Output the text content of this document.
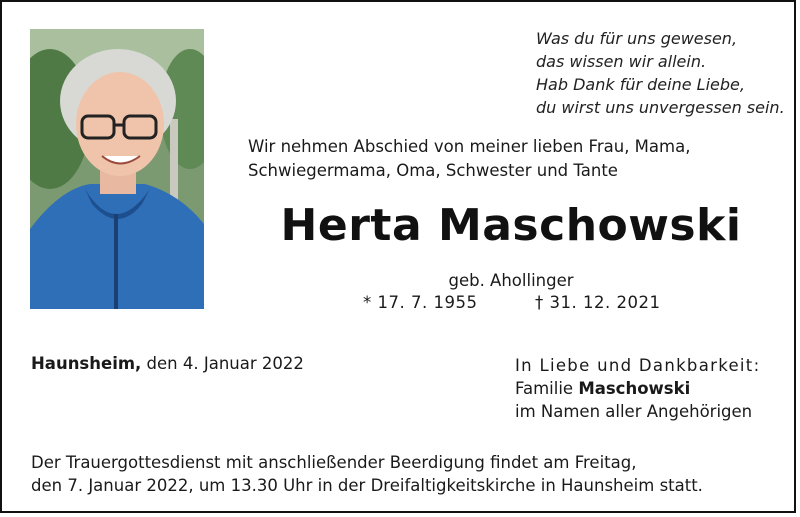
Was du für uns gewesen,
das wissen wir allein.
Hab Dank für deine Liebe,
du wirst uns unvergessen sein.
Wir nehmen Abschied von meiner lieben Frau, Mama,
Schwiegermama, Oma, Schwester und Tante
Herta Maschowski
geb. Ahollinger
* 17. 7. 1955	† 31. 12. 2021
Haunsheim, den 4. Januar 2022	In Liebe und Dankbarkeit:
Familie Maschowski
im Namen aller Angehörigen
Der Trauergottesdienst mit anschließender Beerdigung findet am Freitag,
den 7. Januar 2022, um 13.30 Uhr in der Dreifaltigkeitskirche in Haunsheim statt.
